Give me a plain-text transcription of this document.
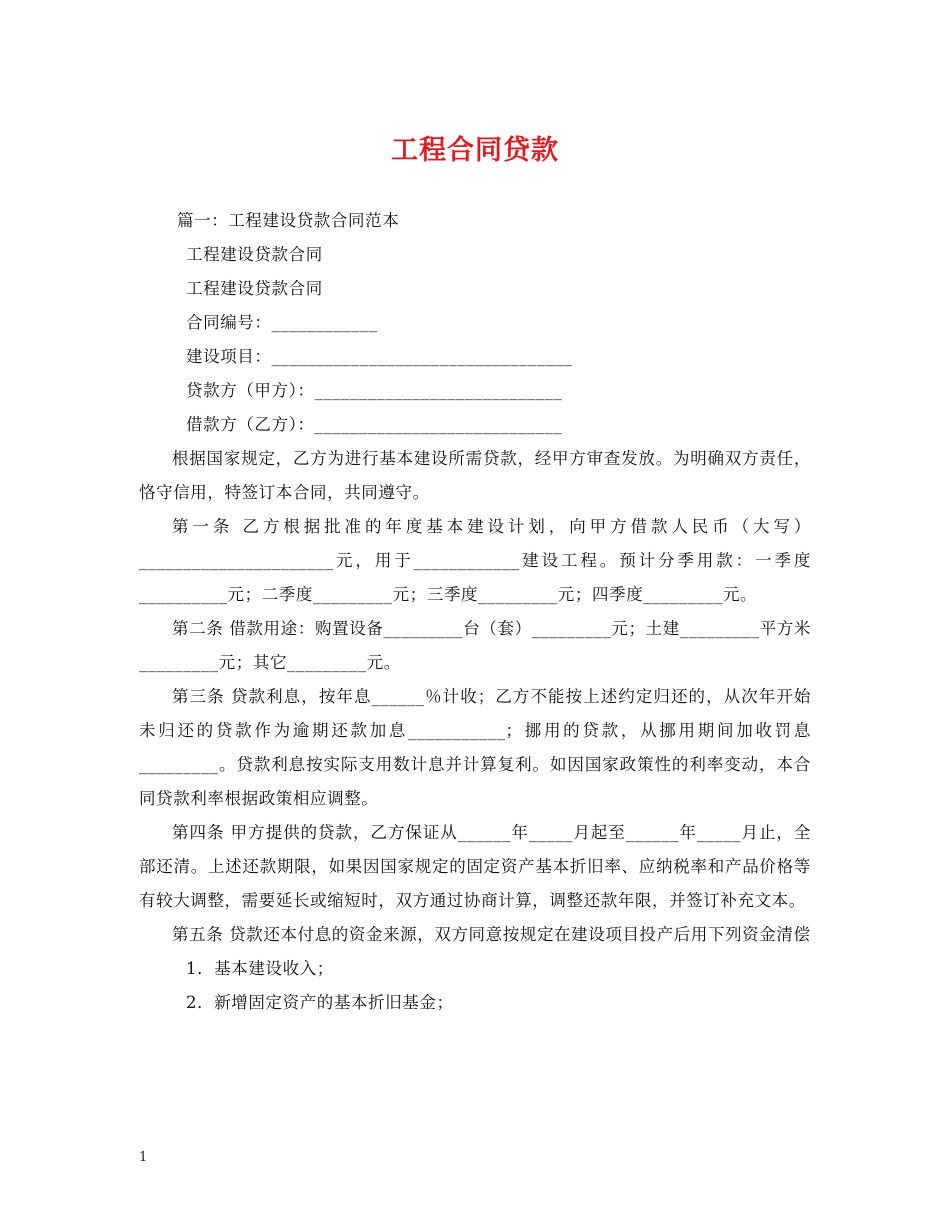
工程合同贷款

篇一：工程建设贷款合同范本

工程建设贷款合同

工程建设贷款合同

合同编号：____________

建设项目：__________________________________

贷款方（甲方）：____________________________

借款方（乙方）：____________________________

根据国家规定，乙方为进行基本建设所需贷款，经甲方审查发放。为明确双方责任，恪守信用，特签订本合同，共同遵守。

第一条 乙方根据批准的年度基本建设计划，向甲方借款人民币（大写）______________________元，用于____________建设工程。预计分季用款：一季度__________元；二季度_________元；三季度_________元；四季度_________元。

第二条 借款用途：购置设备_________台（套）_________元；土建_________平方米_________元；其它_________元。

第三条 贷款利息，按年息______％计收；乙方不能按上述约定归还的，从次年开始未归还的贷款作为逾期还款加息___________；挪用的贷款，从挪用期间加收罚息_________。贷款利息按实际支用数计息并计算复利。如因国家政策性的利率变动，本合同贷款利率根据政策相应调整。

第四条 甲方提供的贷款，乙方保证从______年_____月起至______年_____月止，全部还清。上述还款期限，如果因国家规定的固定资产基本折旧率、应纳税率和产品价格等有较大调整，需要延长或缩短时，双方通过协商计算，调整还款年限，并签订补充文本。

第五条 贷款还本付息的资金来源，双方同意按规定在建设项目投产后用下列资金清偿

1．基本建设收入；

2．新增固定资产的基本折旧基金；

1
